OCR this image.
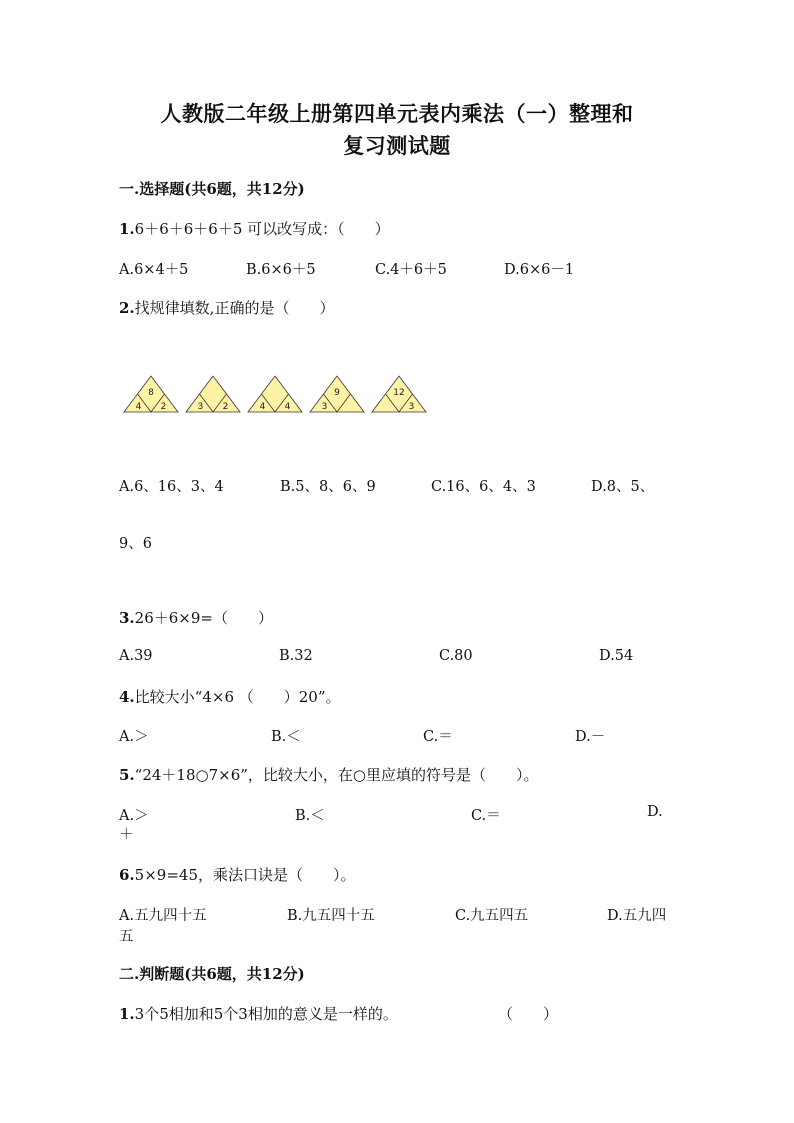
人教版二年级上册第四单元表内乘法（一）整理和
复习测试题
一.选择题(共6题，共12分)
1.6＋6＋6＋6＋5 可以改写成：（　　）
A.6×4＋5	B.6×6＋5	C.4＋6＋5	D.6×6－1
2.找规律填数,正确的是（　　）
8
4 2	3 2	4 4
9
3
12
3
A.6、16、3、4	B.5、8、6、9	C.16、6、4、3	D.8、5、
9、6
3.26＋6×9=（　　）
A.39	B.32	C.80	D.54
4.比较大小“4×6 （　　）20”。
A.＞	B.＜	C.＝	D.－
5.“24＋18○7×6”，比较大小，在○里应填的符号是（　　）。
A.＞	B.＜	C.＝	D.
＋
6.5×9=45，乘法口诀是（　　）。
A.五九四十五	B.九五四十五	C.九五四五	D.五九四
五
二.判断题(共6题，共12分)
1.3个5相加和5个3相加的意义是一样的。	（　　）
